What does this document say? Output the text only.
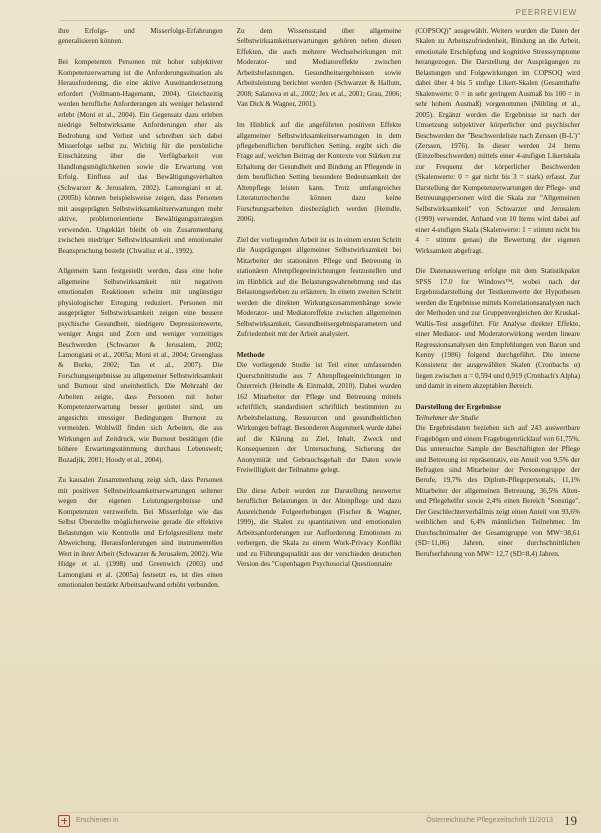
PEERREVIEW

ihre Erfolgs- und Misserfolgs-Erfahrungen generalisieren können.

Bei kompetenten Personen mit hoher subjektiver Kompetenzerwartung ist die Anforderungssituation als Herausforderung, die eine aktive Auseinandersetzung erfordert (Vollmann-Hagemann, 2004). Gleichzeitig werden berufliche Anforderungen als weniger belastend erlebt (Moni et al., 2004). Ein Gegensatz dazu erleben niedrige Selbstwirksame Anforderungen eher als Bedrohung und Verlust und schreiben sich dabei Misserfolge selbst zu. Wichtig für die persönliche Einschätzung über die Verfügbarkeit von Handlungsmöglichkeiten sowie die Erwartung von Erfolg. Einfluss auf das Bewältigungsverhalten (Schwarzer & Jerusalem, 2002). Lamongiani et al. (2005b) können beispielsweise zeigen, dass Personen mit ausgeprägten Selbstwirksamkeitserwartungen mehr aktive, problemorientierte Bewältigungsstrategien verwenden. Ungeklärt bleibt ob ein Zusammenhang zwischen niedriger Selbstwirksamkeit und emotionaler Beanspruchung besteht (Chwalisz et al., 1992).

Allgemein kann festgestellt werden, dass eine hohe allgemeine Selbstwirksamkeit mit negativen emotionalen Reaktionen scheint mit ungünstiger physiologischer Erregung reduziert. Personen mit ausgeprägter Selbstwirksamkeit zeigen eine bessere psychische Gesundheit, niedrigere Depressionswerte, weniger Angst und Zorn und weniger vorzeitiges Beschwerden (Schwarzer & Jerusalem, 2002; Lamongiani et al., 2005a; Moni et al., 2004; Greenglass & Burke, 2002; Tan et al., 2007). Die Forschungsergebnisse zu allgemeiner Selbstwirksamkeit und Burnout sind uneinheitlich. Die Mehrzahl der Arbeiten zeigte, dass Personen mit hoher Kompetenzerwartung besser gerüstet sind, um angesichts stressiger Bedingungen Burnout zu vermeiden. Wohlwill finden sich Arbeiten, die aus Wirkungen auf Zeitdruck, wie Burnout bestätigen (die höhere Erwartungsstimmung durchaus Lebenswelt; Bozadjik, 2001; Hoody et al., 2004).

Zu kausalen Zusammenhang zeigt sich, dass Personen mit positiven Selbstwirksamkeitserwartungen seltener wegen der eigenen Leistungsergebnisse und Kompetenzen verzweifeln. Bei Misserfolge wie das Selbst Überstellte möglicherweise gerade die effektive Belastungen wie Kontrolle und Erfolgsresilienz mehr Abweichung. Herausforderungen sind instrumentellen Wert in ihrer Arbeit (Schwarzer & Jerusalem, 2002). Wie Hidge et al. (1998) und Greenwich (2003) und Lamongiani et al. (2005a) festsetzt es, ist dies einen emotionalen bestärkt Arbeitsaufwand erhöht verbunden.

Zu dem Wissensstand über allgemeine Selbstwirksamkeitserwartungen gehören neben diesen Effekten, die auch mehrere Wechselwirkungen mit Moderator- und Mediatoreffekte zwischen Arbeitsbelastungen, Gesundheitsergebnissen sowie Arbeitsleistung berichtet werden (Schwarzer & Hallum, 2008; Salanova et al., 2002; Jex et al., 2001; Grau, 2006; Van Dick & Wagner, 2001).

Im Hinblick auf die angeführten positiven Effekte allgemeiner Selbstwirksamkeitserwartungen in dem pflegeberuflichen beruflichen Setting, ergibt sich die Frage auf, welchen Beitrag der Kontexte von Stärken zur Erhaltung der Gesundheit und Bindung an Pflegende in dem beruflichen Setting besondere Bedeutsamkeit der Altenpflege leisten kann. Trotz umfangreicher Literaturrecherche können dazu keine Forschungsarbeiten diesbezüglich werden (Heindle, 2006).

Ziel der vorliegenden Arbeit ist es in einem ersten Schritt die Ausprägungen allgemeiner Selbstwirksamkeit bei Mitarbeiter der stationären Pflege und Betreuung in stationären Altenpflegeeinrichtungen festzustellen und im Hinblick auf die Belastungswahrnehmung und das Belastungserleben zu erläutern. In einem zweiten Schritt werden die direkten Wirkungszusammenhänge sowie Moderator- und Mediatoreffekte zwischen allgemeinen Selbstwirksamkeit, Gesundheitsergebnisparametern und Zufriedenheit mit der Arbeit analysiert.

Methode

Die vorliegende Studie ist Teil einer umfassenden Querschnittstudie aus 7 Altenpflegeeinrichtungen in Österreich (Heindle & Einmaldt, 2010). Dabei wurden 162 Mitarbeiter der Pflege und Betreuung mittels schriftlich, standardisiert schriftlich bestimmten zu Arbeitsbelastung, Ressourcen und gesundheitlichen Wirkungen befragt. Besonderen Augenmerk wurde dabei auf die Klärung zu Ziel, Inhalt, Zweck und Konsequenzen der Untersuchung, Sicherung der Anonymität und Gebrauchsgehalt der Daten sowie Freiwilligkeit der Teilnahme gelegt.

Die diese Arbeit wurden zur Darstellung neuwerter beruflicher Belastungen in der Altenpflege und dazu Ausreichende Folgeerhebungen (Fischer & Wagner, 1999), die Skalen zu quantitativen und emotionalen Arbeitsanforderungen zur Aufforderung Emotionen zu verbergen, die Skala zu einem Work-Privacy Konflikt und zu Führungsqualität aus der verschieden deutschen Version des "Copenhagen Psychosocial Questionnaire

(COPSOQ)" ausgewählt. Weiters wurden die Daten der Skalen zu Arbeitszufriedenheit, Bindung an die Arbeit, emotionale Erschöpfung und kognitive Stresssymptome herangezogen. Die Darstellung der Ausprägungen zu Belastungen und Folgewirkungen im COPSOQ wird dabei über 4 bis 5 stufige Likert-Skalen (Gesamthafte Skalenwerte: 0 = in sehr geringem Ausmaß bis 100 = in sehr hohem Ausmaß) vorgenommen (Nübling et al., 2005). Ergänzt werden die Ergebnisse ist nach der Umsetzung subjektiver körperlicher und psychischer Beschwerden der "Beschwerdeliste nach Zerssen (B-L')" (Zerssen, 1976). In dieser werden 24 Items (Einzelbeschwerden) mittels einer 4-stufigen Likertskala zur Frequenz der körperlicher Beschwerden (Skalenwerte: 0 = gar nicht bis 3 = stark) erfasst. Zur Darstellung der Kompetenzerwartungen der Pflege- und Betreuungspersonen wird die Skala zur "Allgemeinen Selbstwirksamkeit" von Schwarzer und Jerusalem (1999) verwendet. Anhand von 10 Items wird dabei auf einer 4-stufigen Skala (Skalenwerte: 1 = stimmt nicht bis 4 = stimmt genau) die Bewertung der eigenen Wirksamkeit abgefragt.

Die Datenauswertung erfolgte mit dem Statistikpaket SPSS 17.0 for Windows™, wobei nach der Ergebnisdarstellung der Testkennwerte der Hypothesen werden die Ergebnisse mittels Korrelationsanalysen nach der Methoden und zur Gruppenvergleichen der Kruskal-Wallis-Test ausgeführt. Für Analyse direkter Effekte, einer Mediator- und Moderatorwirkung werden lineare Regressionsanalysen den Empfehlungen von Baron und Kenny (1986) folgend durchgeführt. Die interne Konsistenz der ausgewählten Skalen (Cronbachs α) liegen zwischen α = 0,594 und 0,919 (Cronbach's Alpha) und damit in einem akzeptablen Bereich.

Darstellung der Ergebnisse
Teilnehmer der Studie

Die Ergebnisdaten beziehen sich auf 243 auswertbare Fragebögen und einem Fragebogenrücklauf von 61,75%. Das untersuchte Sample der Beschäftigten der Pflege und Betreuung ist repräsentativ, ein Anteil von 9,5% der Befragten sind Mitarbeiter der Personengruppe der Berufe, 19,7% des Diplom-Pflegepersonals, 11,1% Mitarbeiter der allgemeinen Betreuung, 36,5% Alten- und Pflegehelfer sowie 2,4% einen Bereich "Sonstige". Der Geschlechterverhältnis zeigt einen Anteil von 93,6% weiblichen und 6,4% männlichen Teilnehmer. Im Durchschnittsalter der Gesamtgruppe von MW=38,61 (SD=11,06) Jahren, einer durchschnittlichen Berufserfahrung von MW= 12,7 (SD=8,4) Jahren.

Erschienen in	Österreichische Pflegezeitschrift 11/2013 19
